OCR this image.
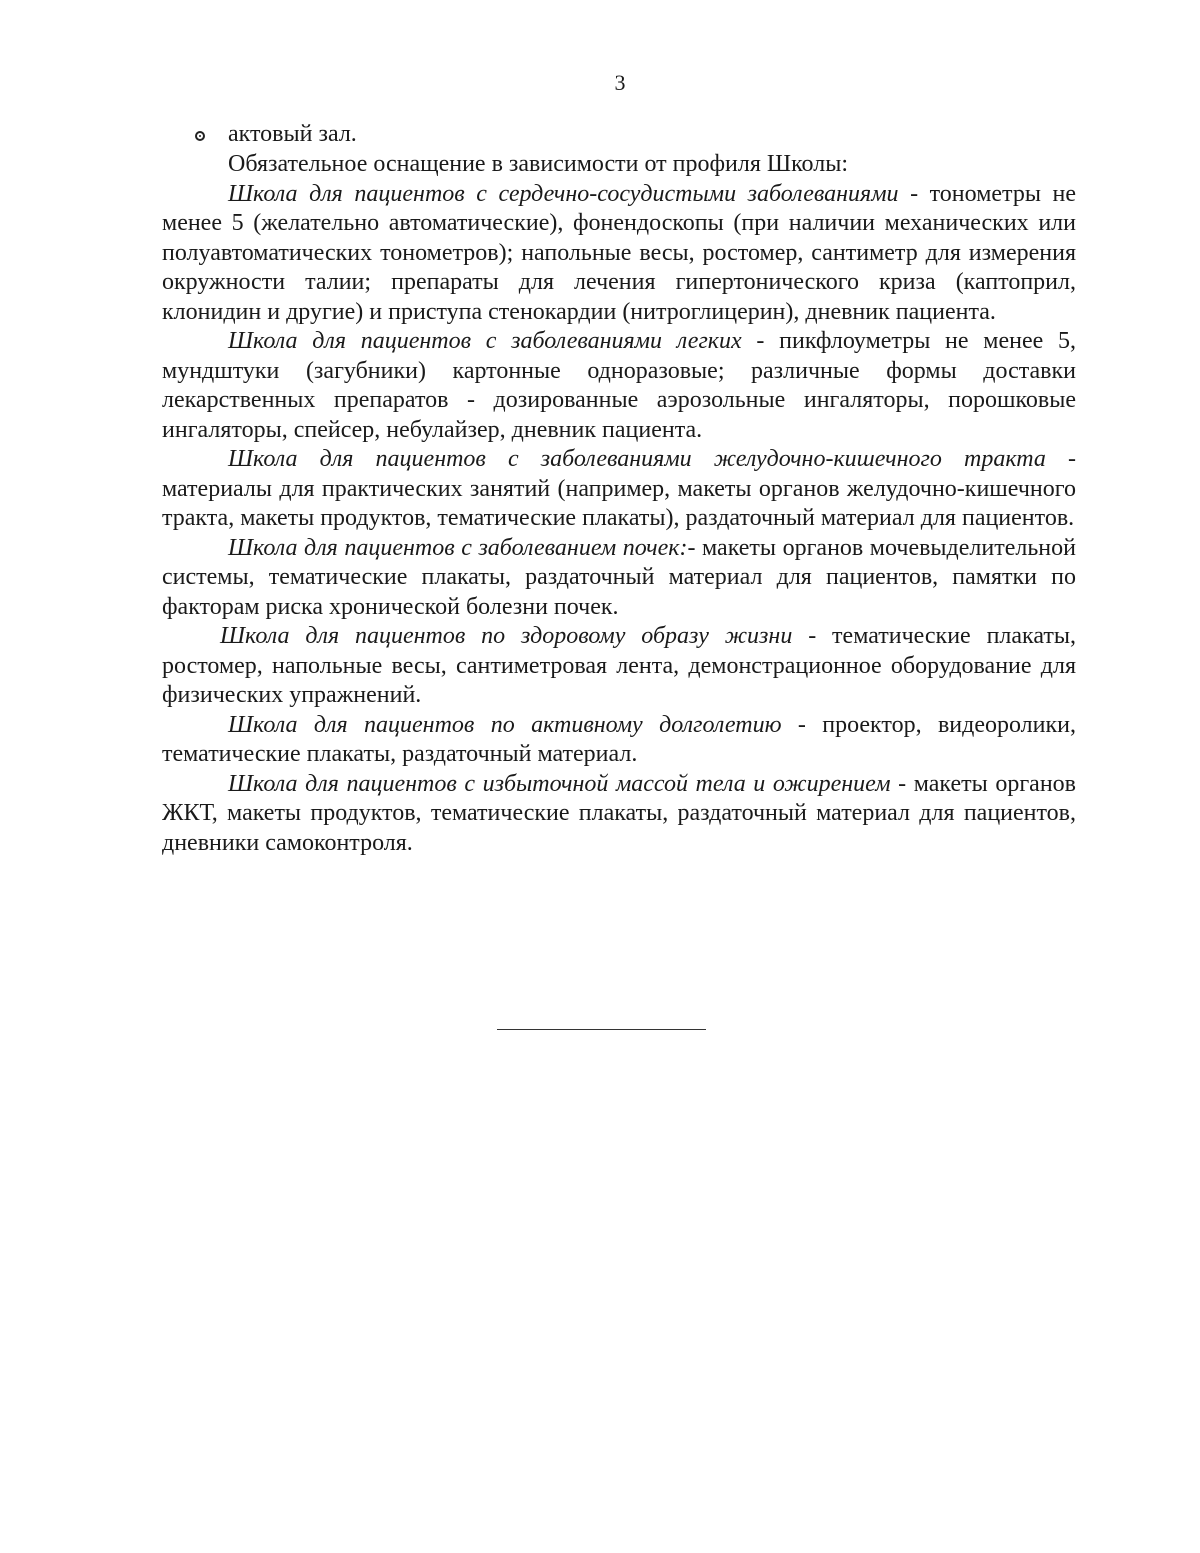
3
актовый зал.

Обязательное оснащение в зависимости от профиля Школы:

Школа для пациентов с сердечно-сосудистыми заболеваниями - тонометры не менее 5 (желательно автоматические), фонендоскопы (при наличии механических или полуавтоматических тонометров); напольные весы, ростомер, сантиметр для измерения окружности талии; препараты для лечения гипертонического криза (каптоприл, клонидин и другие) и приступа стенокардии (нитроглицерин), дневник пациента.

Школа для пациентов с заболеваниями легких - пикфлоуметры не менее 5, мундштуки (загубники) картонные одноразовые; различные формы доставки лекарственных препаратов - дозированные аэрозольные ингаляторы, порошковые ингаляторы, спейсер, небулайзер, дневник пациента.

Школа для пациентов с заболеваниями желудочно-кишечного тракта - материалы для практических занятий (например, макеты органов желудочно-кишечного тракта, макеты продуктов, тематические плакаты), раздаточный материал для пациентов.

Школа для пациентов с заболеванием почек:- макеты органов мочевыделительной системы, тематические плакаты, раздаточный материал для пациентов, памятки по факторам риска хронической болезни почек.

Школа для пациентов по здоровому образу жизни - тематические плакаты, ростомер, напольные весы, сантиметровая лента, демонстрационное оборудование для физических упражнений.

Школа для пациентов по активному долголетию - проектор, видеоролики, тематические плакаты, раздаточный материал.

Школа для пациентов с избыточной массой тела и ожирением - макеты органов ЖКТ, макеты продуктов, тематические плакаты, раздаточный материал для пациентов, дневники самоконтроля.
